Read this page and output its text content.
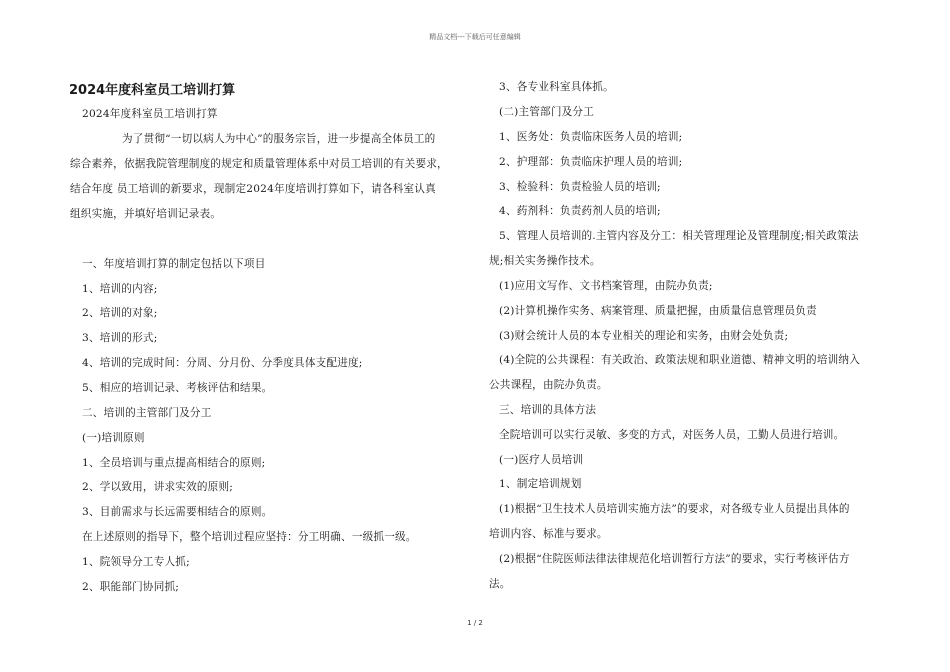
精品文档---下载后可任意编辑
2024年度科室员工培训打算
2024年度科室员工培训打算
为了贯彻“一切以病人为中心”的服务宗旨，进一步提高全体员工的
综合素养，依据我院管理制度的规定和质量管理体系中对员工培训的有关要求，
结合年度 员工培训的新要求，现制定2024年度培训打算如下，请各科室认真
组织实施，并填好培训记录表。
一、年度培训打算的制定包括以下项目
1、培训的内容;
2、培训的对象;
3、培训的形式;
4、培训的完成时间：分周、分月份、分季度具体支配进度;
5、相应的培训记录、考核评估和结果。
二、培训的主管部门及分工
(一)培训原则
1、全员培训与重点提高相结合的原则;
2、学以致用，讲求实效的原则;
3、目前需求与长远需要相结合的原则。
在上述原则的指导下，整个培训过程应坚持：分工明确、一级抓一级。
1、院领导分工专人抓;
2、职能部门协同抓;
3、各专业科室具体抓。
(二)主管部门及分工
1、医务处：负责临床医务人员的培训;
2、护理部：负责临床护理人员的培训;
3、检验科：负责检验人员的培训;
4、药剂科：负责药剂人员的培训;
5、管理人员培训的.主管内容及分工：相关管理理论及管理制度;相关政策法
规;相关实务操作技术。
(1)应用文写作、文书档案管理，由院办负责;
(2)计算机操作实务、病案管理、质量把握，由质量信息管理员负责
(3)财会统计人员的本专业相关的理论和实务，由财会处负责;
(4)全院的公共课程：有关政治、政策法规和职业道德、精神文明的培训纳入
公共课程，由院办负责。
三、培训的具体方法
全院培训可以实行灵敏、多变的方式，对医务人员，工勤人员进行培训。
(一)医疗人员培训
1、制定培训规划
(1)根据“卫生技术人员培训实施方法”的要求，对各级专业人员提出具体的
培训内容、标准与要求。
(2)根据“住院医师法律法律规范化培训暂行方法”的要求，实行考核评估方
法。
1 / 2
